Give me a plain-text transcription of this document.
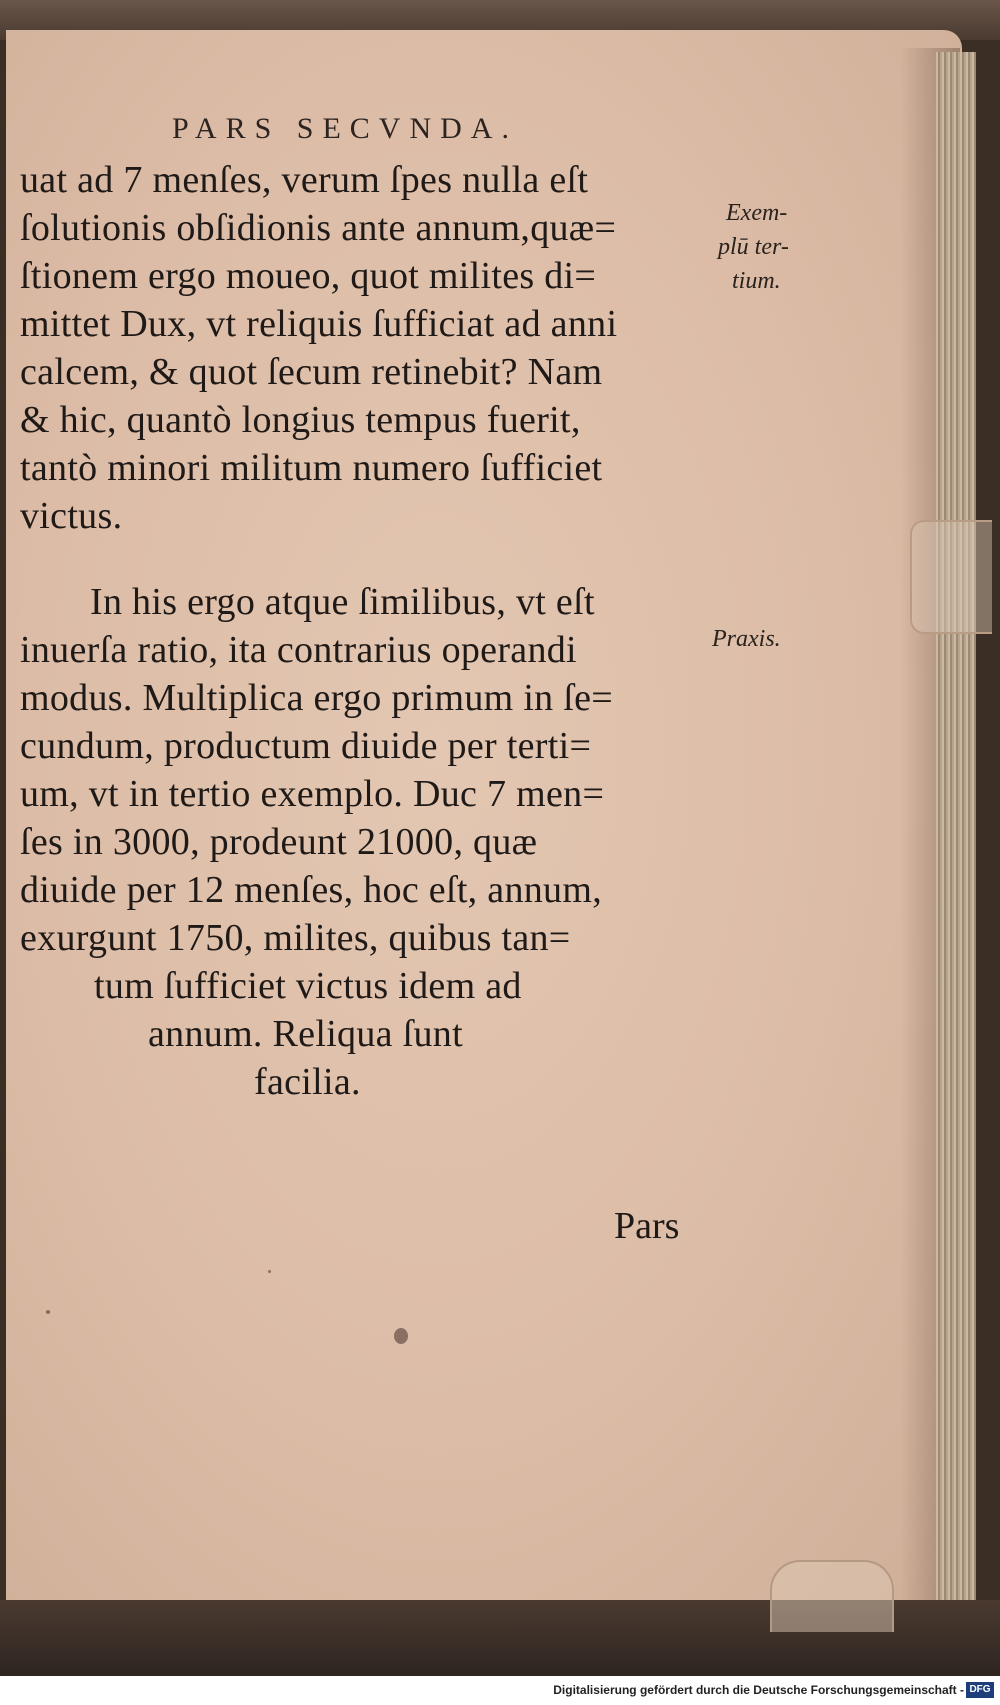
PARS SECVNDA.
uat ad 7 menſes, verum ſpes nulla eſt
ſolutionis obſidionis ante annum,quæ=
ſtionem ergo moueo, quot milites di=
mittet Dux, vt reliquis ſufficiat ad anni
calcem, & quot ſecum retinebit? Nam
& hic, quantò longius tempus fuerit,
tantò minori militum numero ſufficiet
victus.
Exem-
plū ter-
tium.
In his ergo atque ſimilibus, vt eſt
inuerſa ratio, ita contrarius operandi
modus. Multiplica ergo primum in ſe=
cundum, productum diuide per terti=
um, vt in tertio exemplo. Duc 7 men=
ſes in 3000, prodeunt 21000, quæ
diuide per 12 menſes, hoc eſt, annum,
exurgunt 1750, milites, quibus tan=
tum ſufficiet victus idem ad
annum. Reliqua ſunt
facilia.
Praxis.
Pars
Digitalisierung gefördert durch die Deutsche Forschungsgemeinschaft - DFG
